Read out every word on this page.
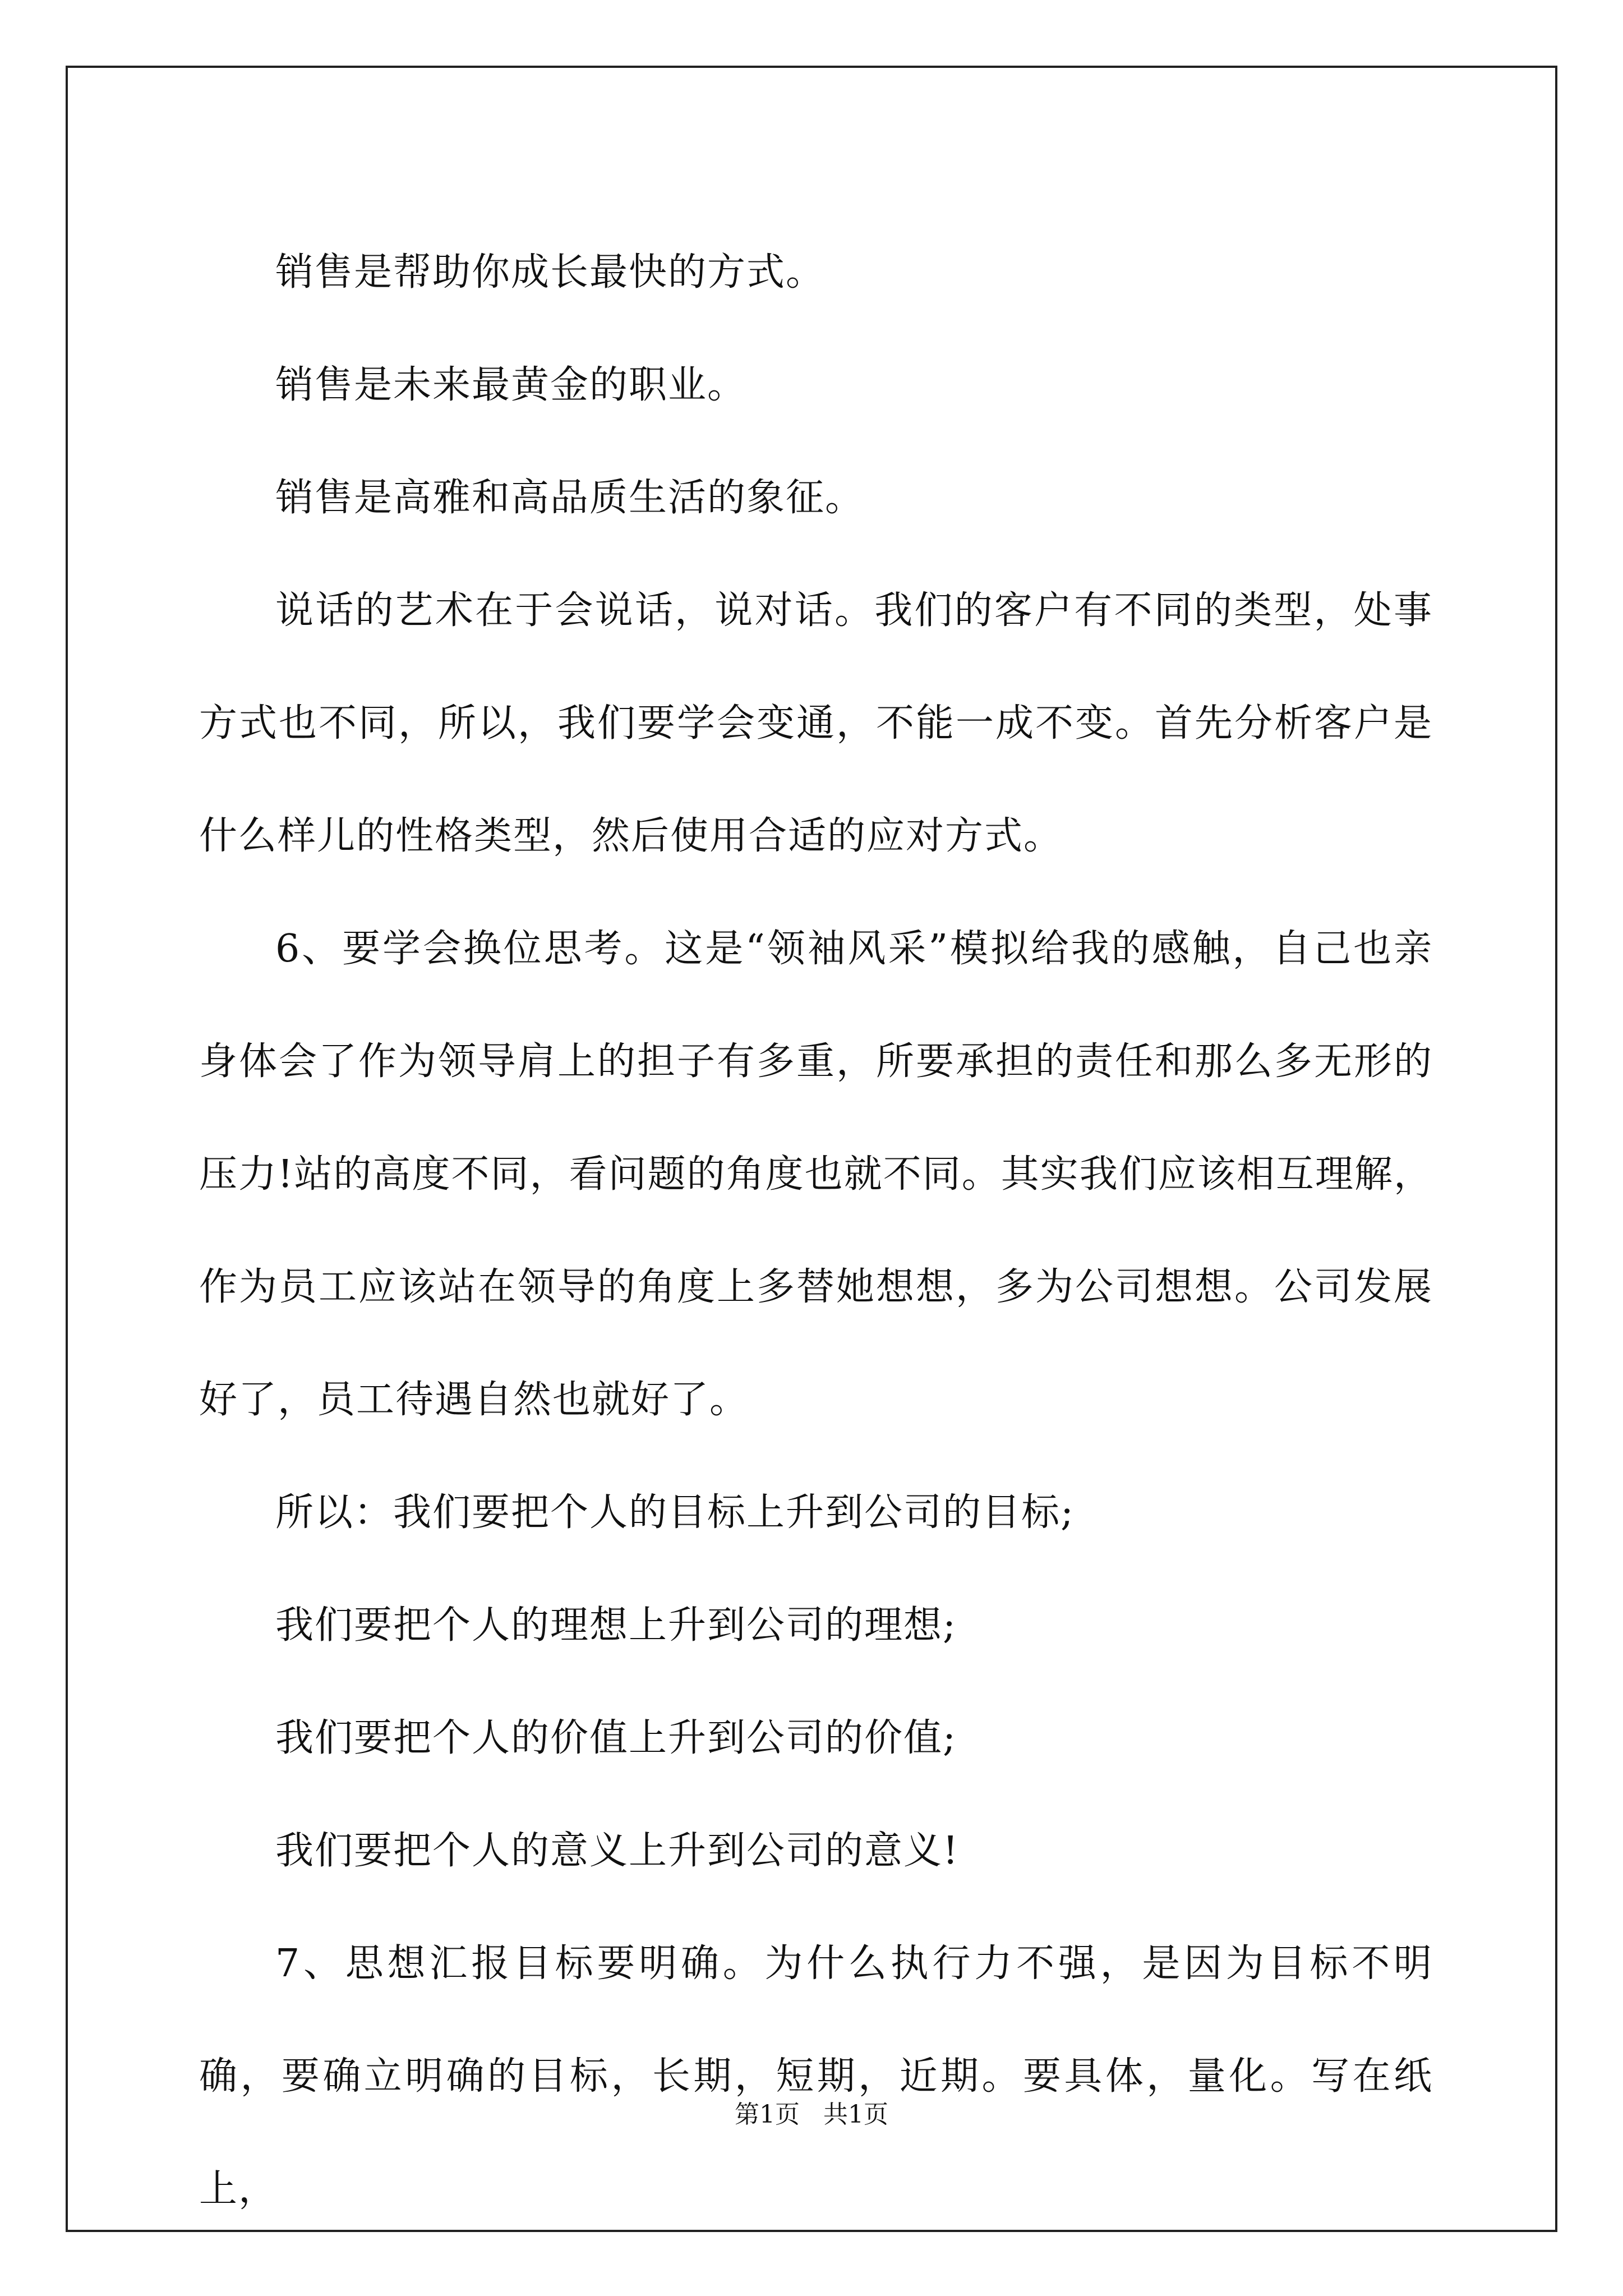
销售是帮助你成长最快的方式。

销售是未来最黄金的职业。

销售是高雅和高品质生活的象征。

说话的艺术在于会说话，说对话。我们的客户有不同的类型，处事方式也不同，所以，我们要学会变通，不能一成不变。首先分析客户是什么样儿的性格类型，然后使用合适的应对方式。

6、要学会换位思考。这是“领袖风采”模拟给我的感触，自己也亲身体会了作为领导肩上的担子有多重，所要承担的责任和那么多无形的压力!站的高度不同，看问题的角度也就不同。其实我们应该相互理解，作为员工应该站在领导的角度上多替她想想，多为公司想想。公司发展好了，员工待遇自然也就好了。

所以：我们要把个人的目标上升到公司的目标;

我们要把个人的理想上升到公司的理想;

我们要把个人的价值上升到公司的价值;

我们要把个人的意义上升到公司的意义!

7、思想汇报目标要明确。为什么执行力不强，是因为目标不明确，要确立明确的目标，长期，短期，近期。要具体，量化。写在纸上，

第1页   共1页
